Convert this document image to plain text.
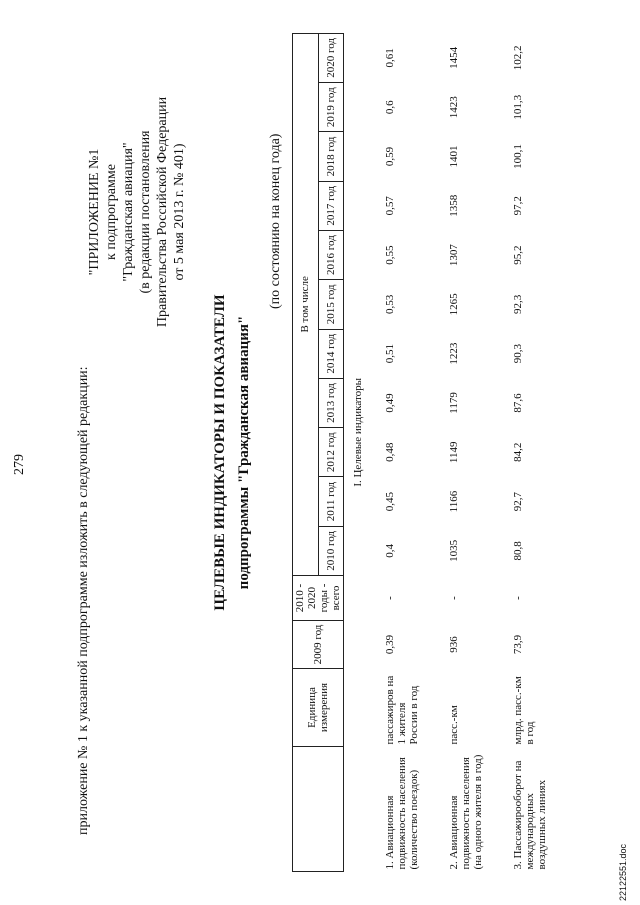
279	приложение № 1 к указанной подпрограмме изложить в следующей редакции:
"ПРИЛОЖЕНИЕ №1 к подпрограмме "Гражданская авиация" (в редакции постановления Правительства Российской Федерации от 5 мая 2013 г. № 401)
ЦЕЛЕВЫЕ ИНДИКАТОРЫ И ПОКАЗАТЕЛИ подпрограммы "Гражданская авиация"
(по состоянию на конец года)
	Единица измерения	2009 год	2010 - 2020 годы - всего	В том числе										
				2010 год	2011 год	2012 год	2013 год	2014 год	2015 год	2016 год	2017 год	2018 год	2019 год	2020 год
I. Целевые индикаторы														
1. Авиационная подвижность населения (количество поездок)	пассажиров на 1 жителя России в год	0,39	-	0,4	0,45	0,48	0,49	0,51	0,53	0,55	0,57	0,59	0,6	0,61
2. Авиационная подвижность населения (на одного жителя в год)	пасс.-км	936	-	1035	1166	1149	1179	1223	1265	1307	1358	1401	1423	1454
3. Пассажирооборот на международных воздушных линиях	млрд. пасс.-км в год	73,9	-	80,8	92,7	84,2	87,6	90,3	92,3	95,2	97,2	100,1	101,3	102,2
22122551.doc
